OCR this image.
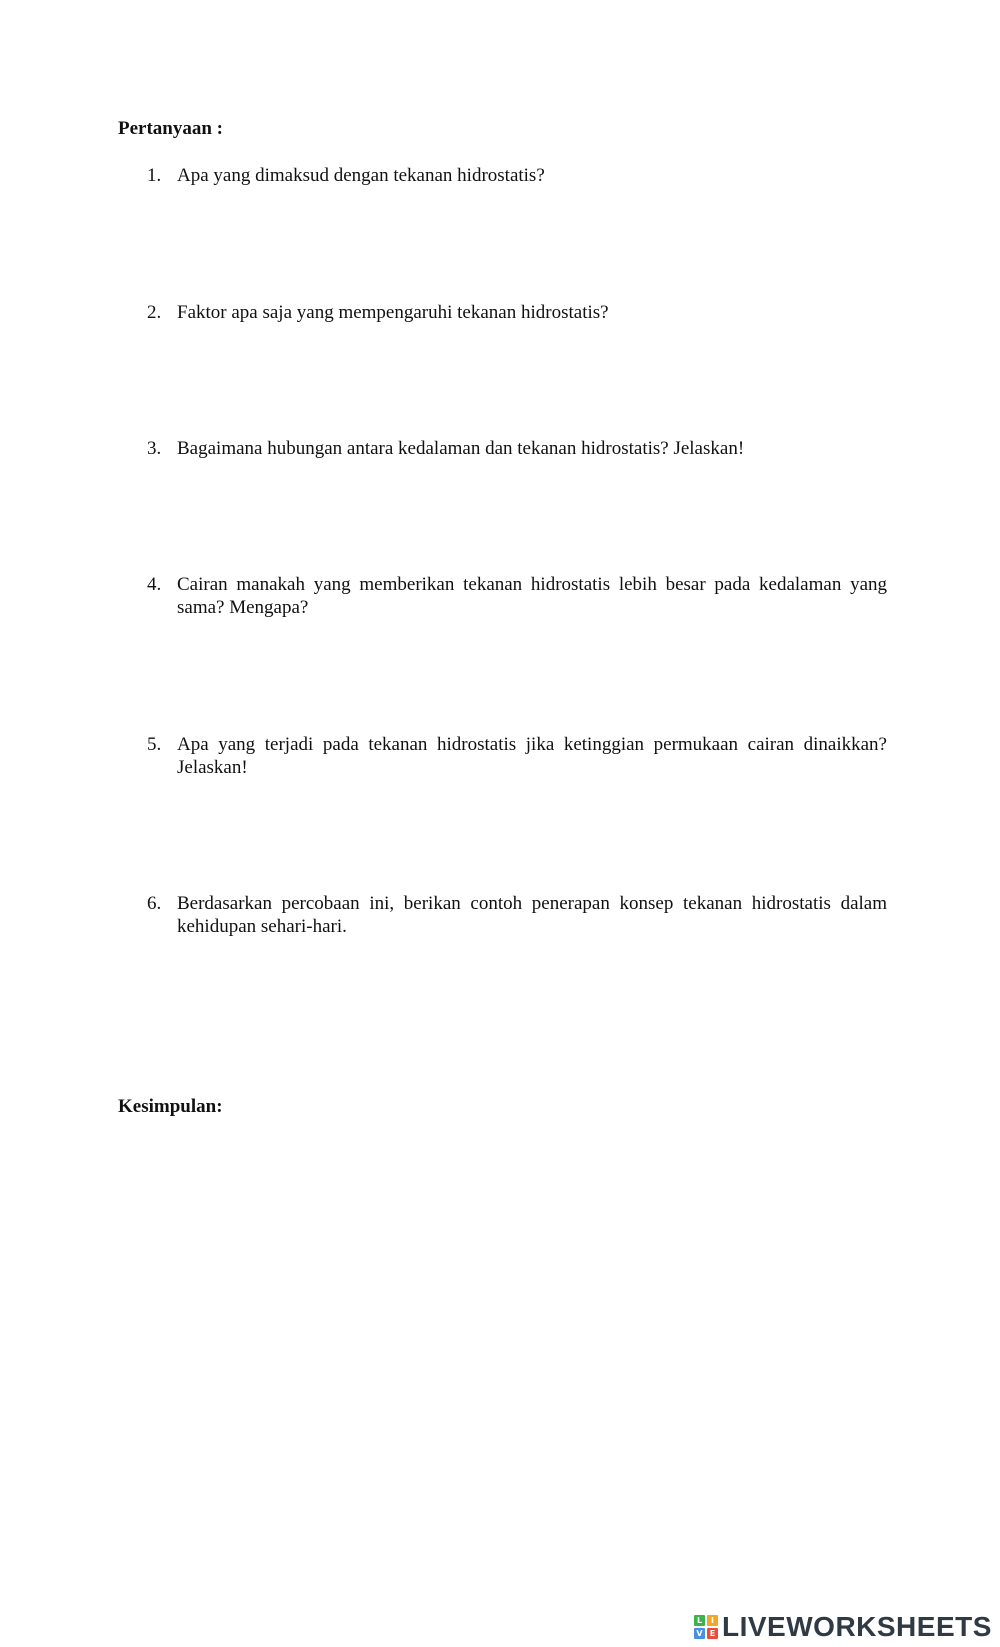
Pertanyaan :
1. Apa yang dimaksud dengan tekanan hidrostatis?
2. Faktor apa saja yang mempengaruhi tekanan hidrostatis?
3. Bagaimana hubungan antara kedalaman dan tekanan hidrostatis? Jelaskan!
4. Cairan manakah yang memberikan tekanan hidrostatis lebih besar pada kedalaman yang sama? Mengapa?
5. Apa yang terjadi pada tekanan hidrostatis jika ketinggian permukaan cairan dinaikkan? Jelaskan!
6. Berdasarkan percobaan ini, berikan contoh penerapan konsep tekanan hidrostatis dalam kehidupan sehari-hari.
Kesimpulan:
L	I
V E LIVEWORKSHEETS
